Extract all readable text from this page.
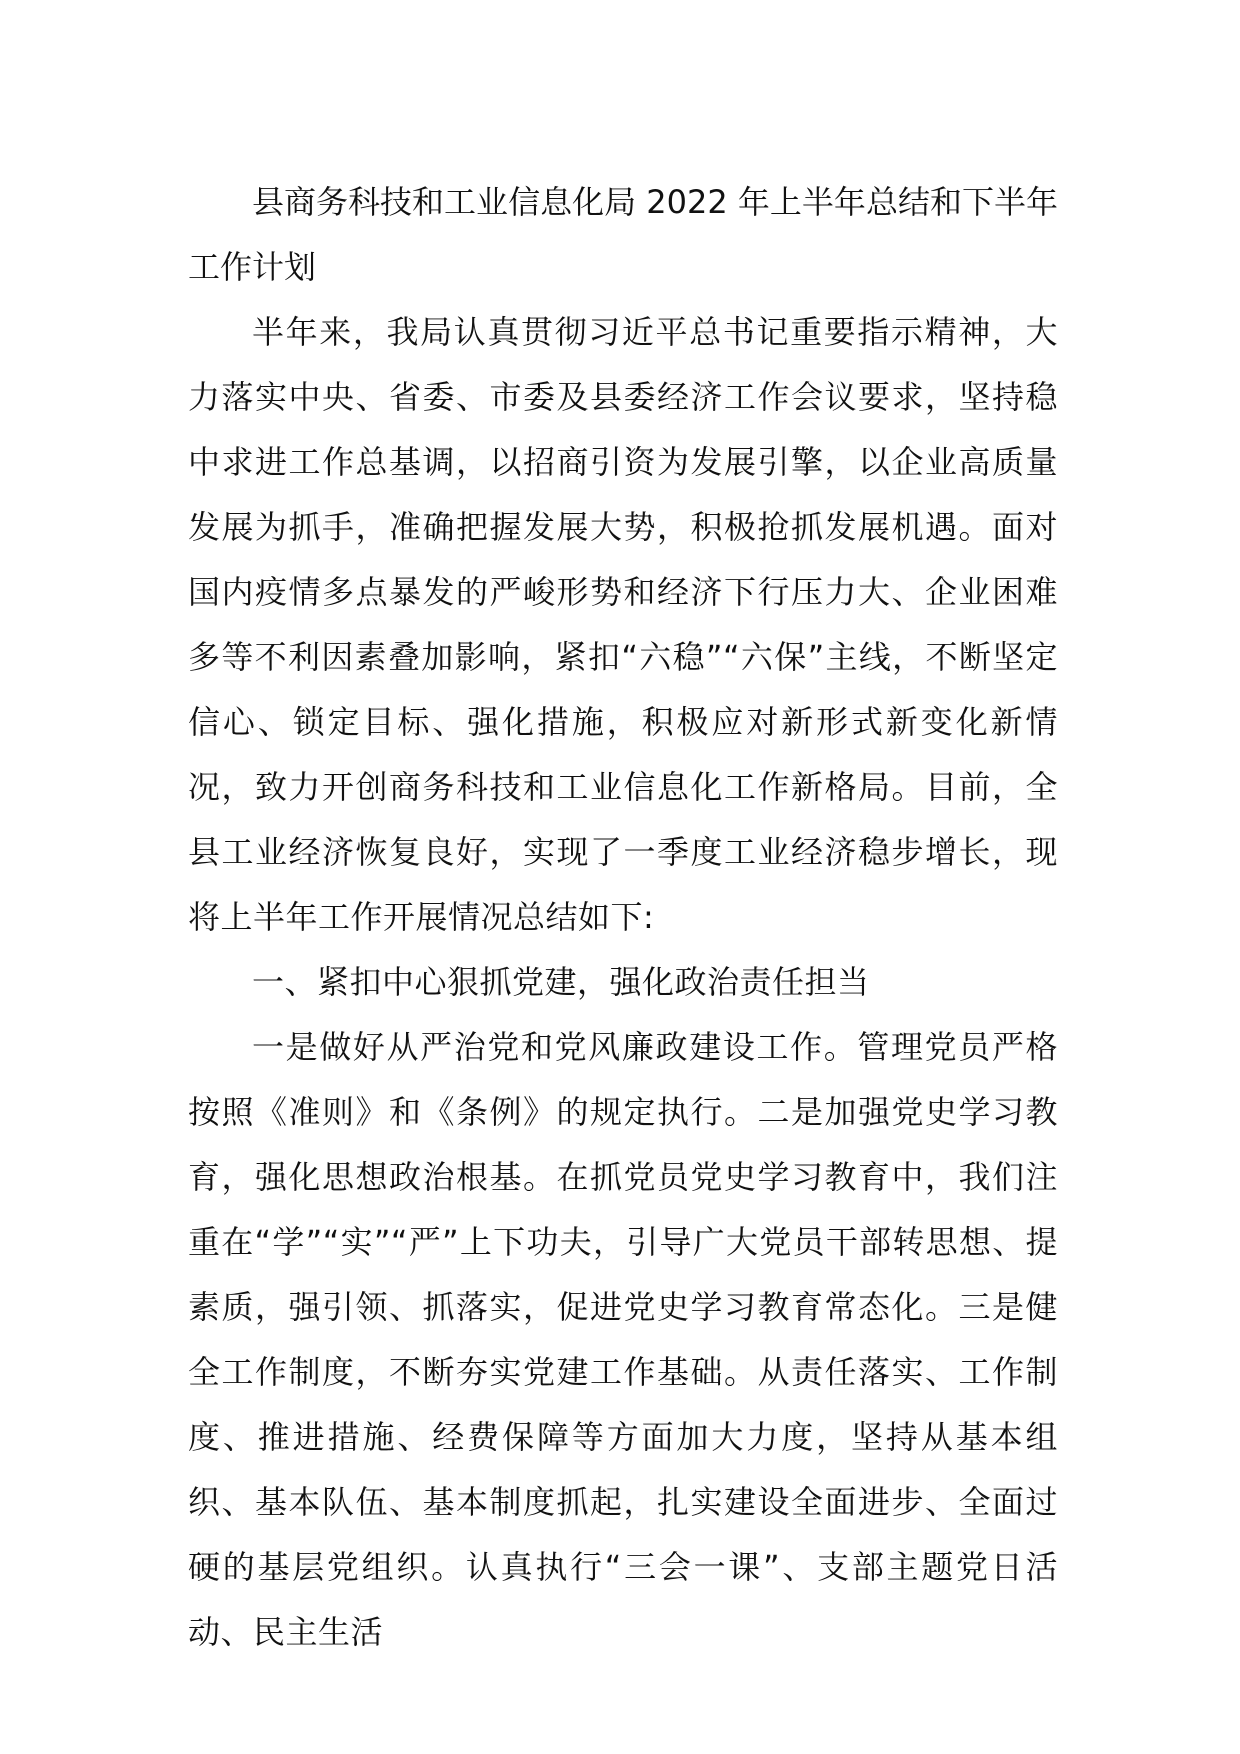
县商务科技和工业信息化局 2022 年上半年总结和下半年工作计划

半年来，我局认真贯彻习近平总书记重要指示精神，大力落实中央、省委、市委及县委经济工作会议要求，坚持稳中求进工作总基调，以招商引资为发展引擎，以企业高质量发展为抓手，准确把握发展大势，积极抢抓发展机遇。面对国内疫情多点暴发的严峻形势和经济下行压力大、企业困难多等不利因素叠加影响，紧扣“六稳”“六保”主线，不断坚定信心、锁定目标、强化措施，积极应对新形式新变化新情况，致力开创商务科技和工业信息化工作新格局。目前，全县工业经济恢复良好，实现了一季度工业经济稳步增长，现将上半年工作开展情况总结如下:

一、紧扣中心狠抓党建，强化政治责任担当

一是做好从严治党和党风廉政建设工作。管理党员严格按照《准则》和《条例》的规定执行。二是加强党史学习教育，强化思想政治根基。在抓党员党史学习教育中，我们注重在“学”“实”“严”上下功夫，引导广大党员干部转思想、提素质，强引领、抓落实，促进党史学习教育常态化。三是健全工作制度，不断夯实党建工作基础。从责任落实、工作制度、推进措施、经费保障等方面加大力度，坚持从基本组织、基本队伍、基本制度抓起，扎实建设全面进步、全面过硬的基层党组织。认真执行“三会一课”、支部主题党日活动、民主生活
